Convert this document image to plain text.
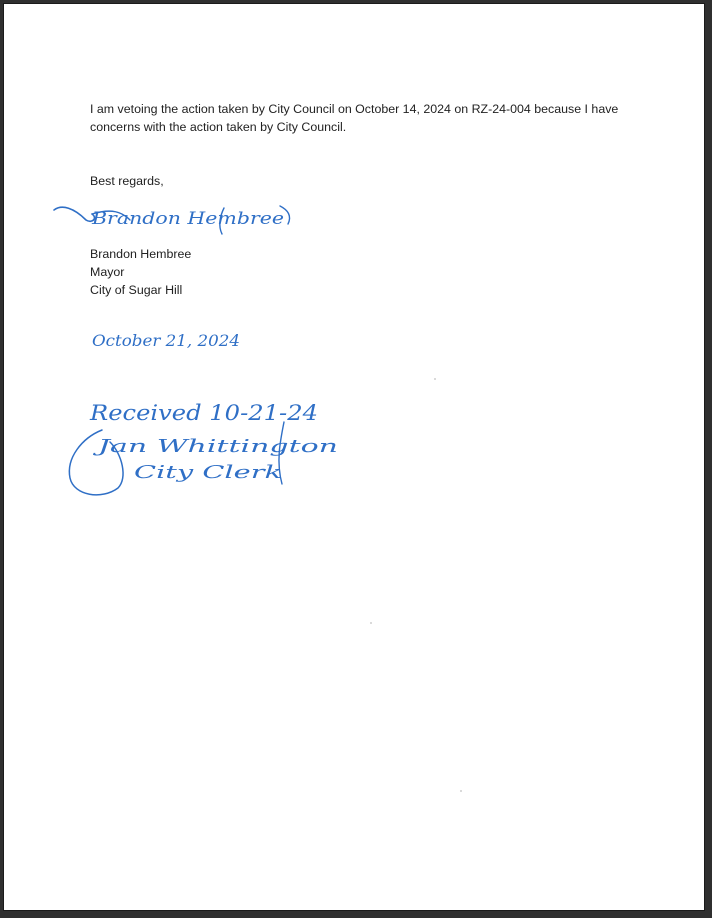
I am vetoing the action taken by City Council on October 14, 2024 on RZ-24-004 because I have concerns with the action taken by City Council.
Best regards,
Brandon Hembree
Brandon Hembree
Mayor
City of Sugar Hill
October 21, 2024
Received 10-21-24
Jan Whittington
City Clerk
